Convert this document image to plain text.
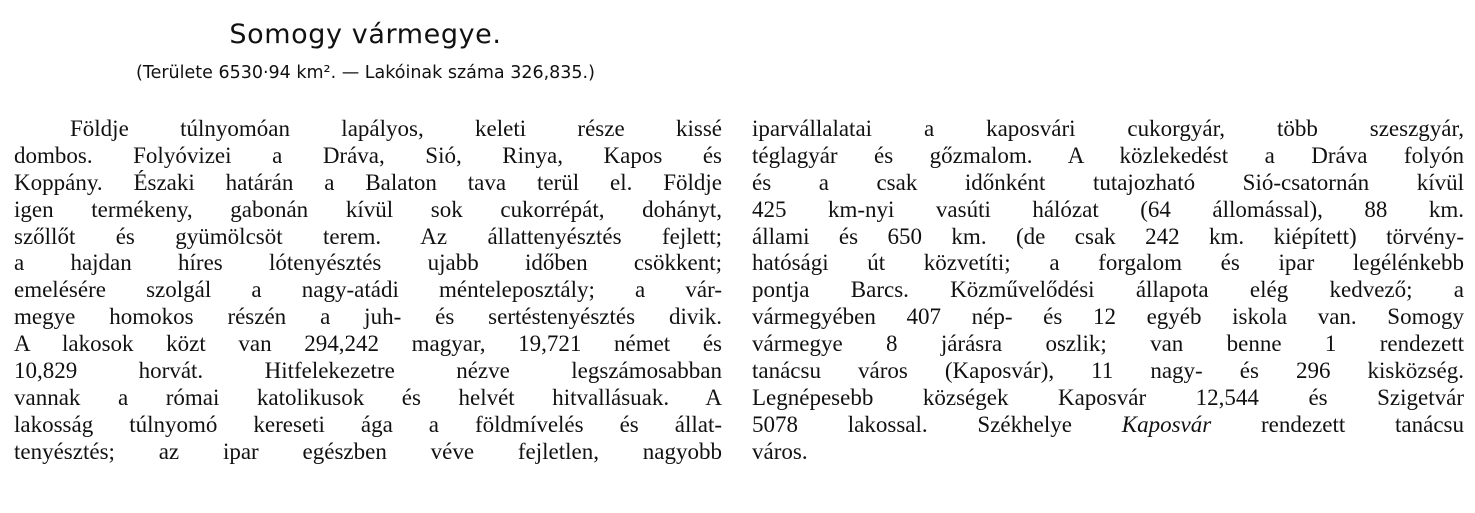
Somogy vármegye.
(Területe 6530·94 km². — Lakóinak száma 326,835.)
Földje túlnyomóan lapályos, keleti része kissé
dombos. Folyóvizei a Dráva, Sió, Rinya, Kapos és
Koppány. Északi határán a Balaton tava terül el. Földje
igen termékeny, gabonán kívül sok cukorrépát, dohányt,
szőllőt és gyümölcsöt terem. Az állattenyésztés fejlett;
a hajdan híres lótenyésztés ujabb időben csökkent;
emelésére szolgál a nagy-atádi ménteleposztály; a vár-
megye homokos részén a juh- és sertéstenyésztés divik.
A lakosok közt van 294,242 magyar, 19,721 német és
10,829 horvát. Hitfelekezetre nézve legszámosabban
vannak a római katolikusok és helvét hitvallásuak. A
lakosság túlnyomó kereseti ága a földmívelés és állat-
tenyésztés; az ipar egészben véve fejletlen, nagyobb
iparvállalatai a kaposvári cukorgyár, több szeszgyár,
téglagyár és gőzmalom. A közlekedést a Dráva folyón
és a csak időnként tutajozható Sió-csatornán kívül
425 km-nyi vasúti hálózat (64 állomással), 88 km.
állami és 650 km. (de csak 242 km. kiépített) törvény-
hatósági út közvetíti; a forgalom és ipar legélénkebb
pontja Barcs. Közművelődési állapota elég kedvező; a
vármegyében 407 nép- és 12 egyéb iskola van. Somogy
vármegye 8 járásra oszlik; van benne 1 rendezett
tanácsu város (Kaposvár), 11 nagy- és 296 kisközség.
Legnépesebb községek Kaposvár 12,544 és Szigetvár
5078 lakossal. Székhelye Kaposvár rendezett tanácsu
város.
